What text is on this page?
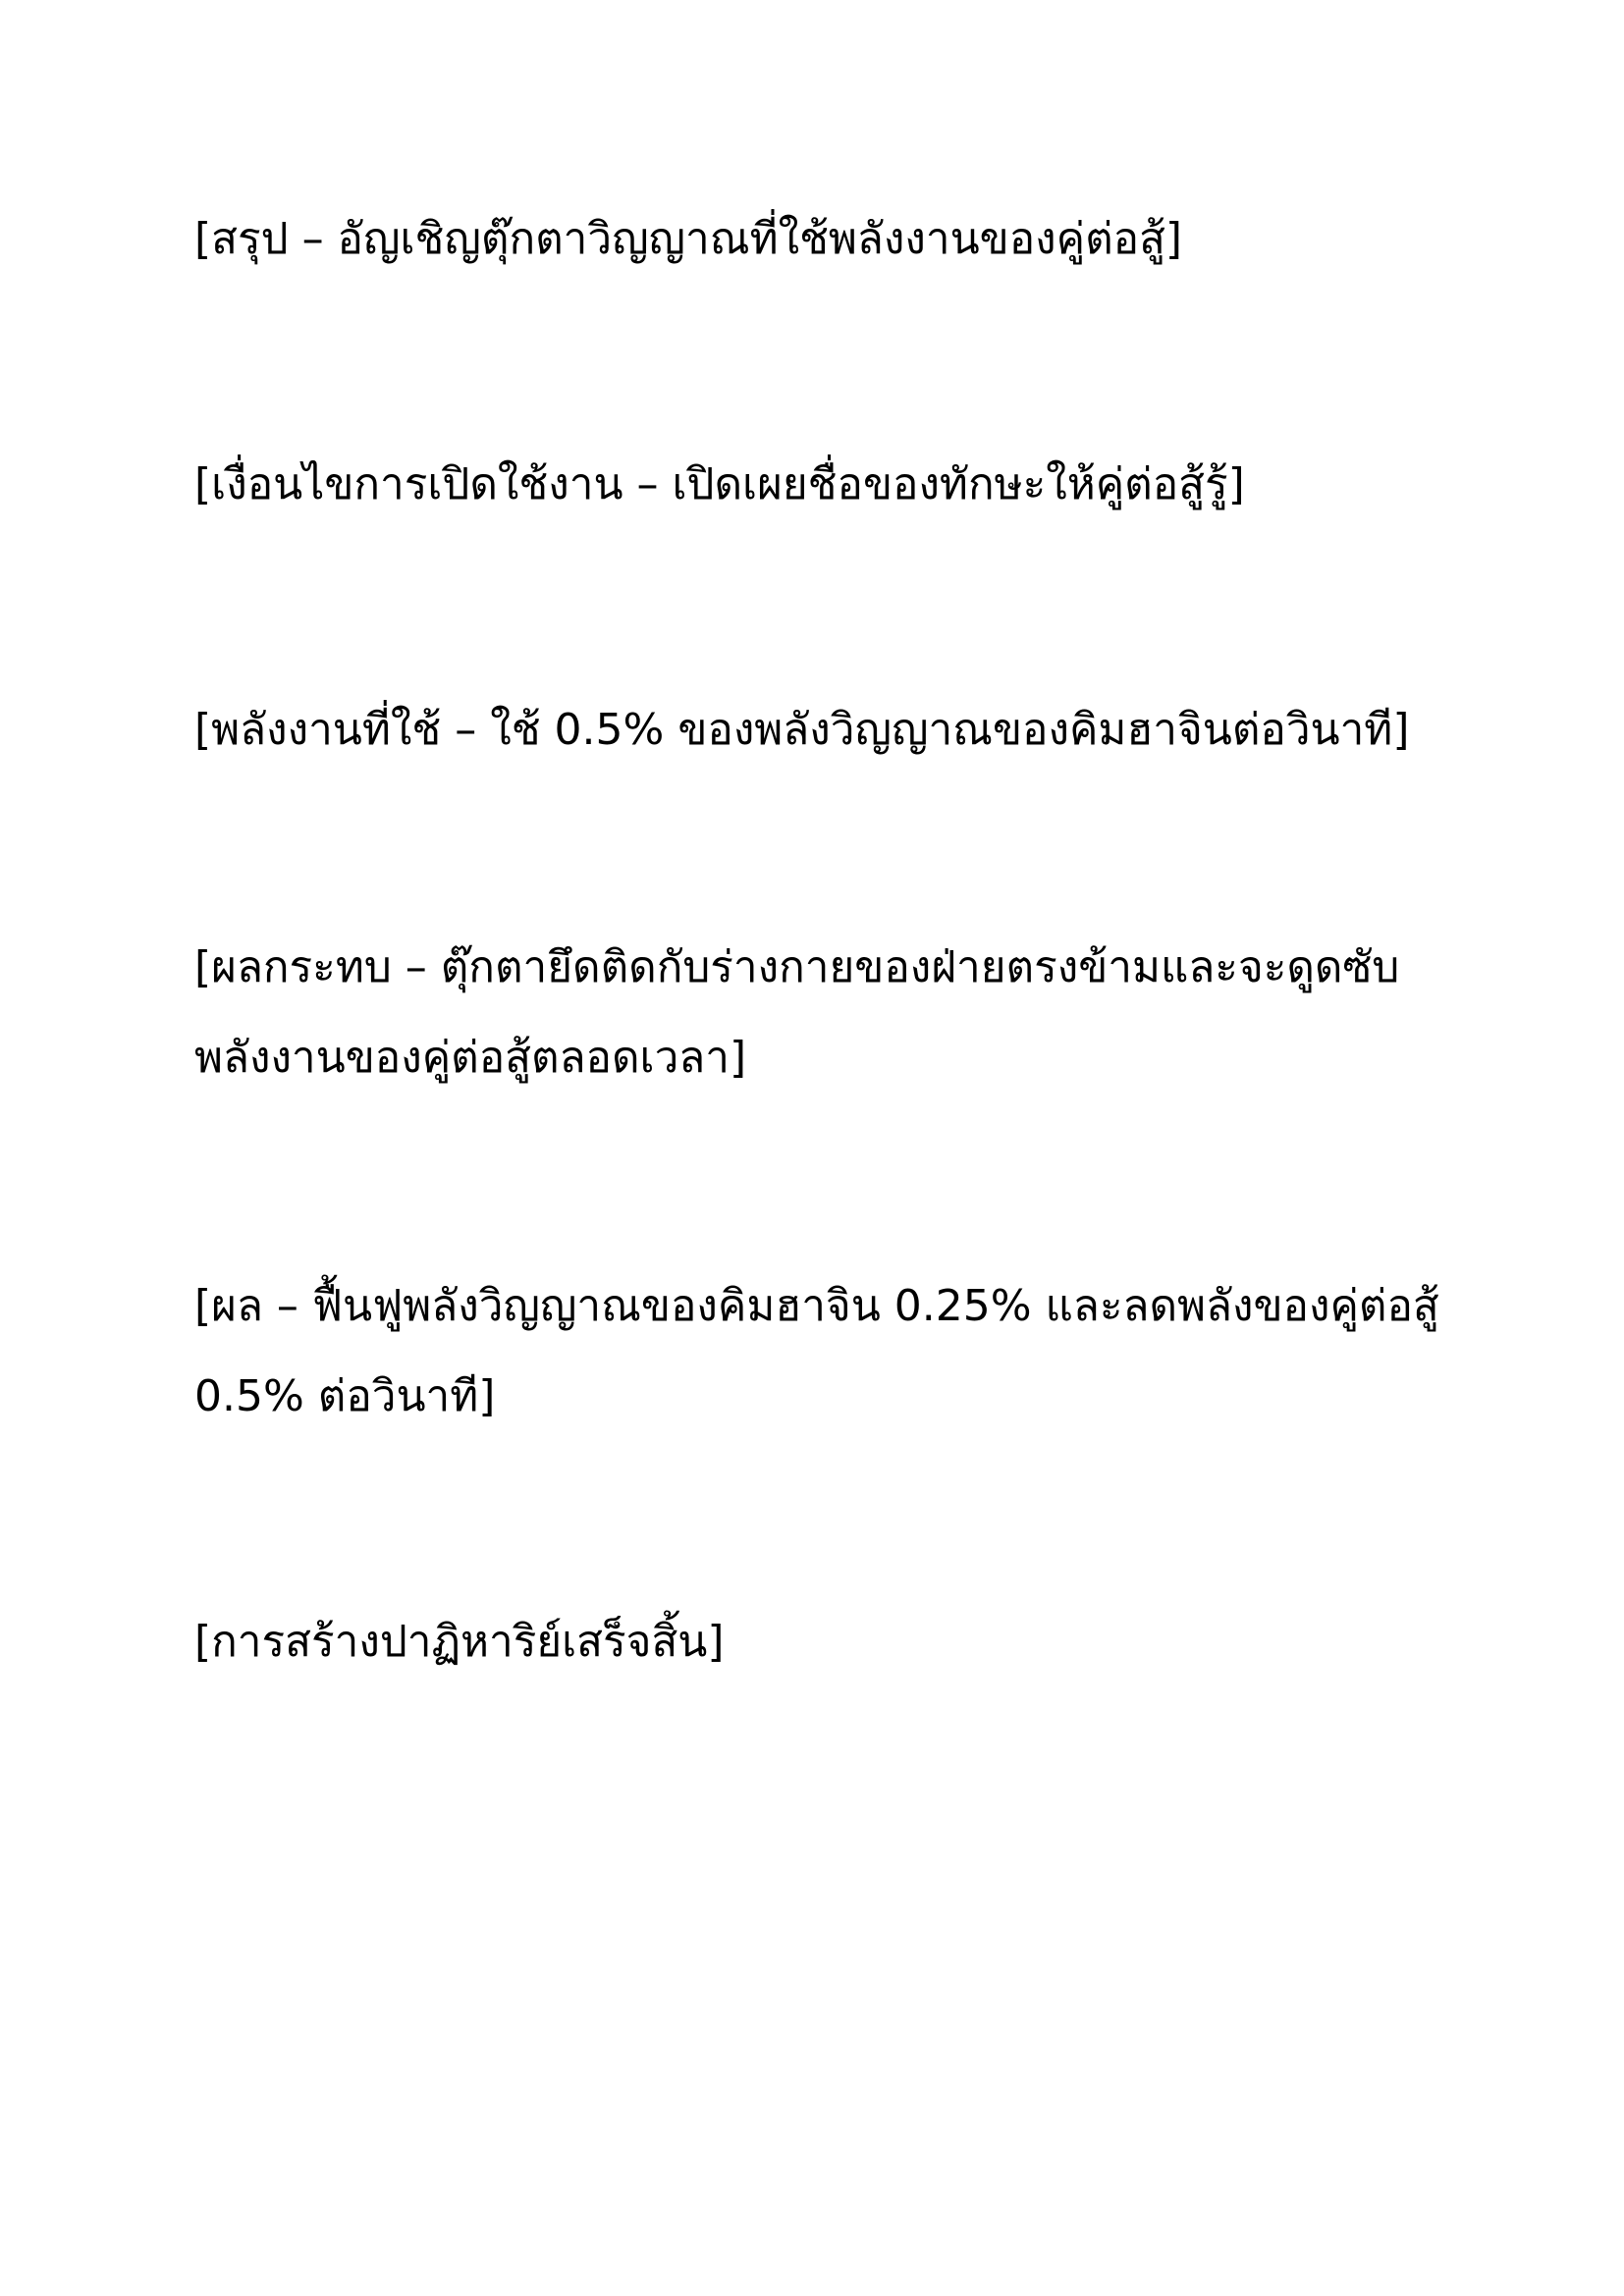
[สรุป – อัญเชิญตุ๊กตาวิญญาณที่ใช้พลังงานของคู่ต่อสู้]
[เงื่อนไขการเปิดใช้งาน – เปิดเผยชื่อของทักษะให้คู่ต่อสู้รู้]
[พลังงานที่ใช้ – ใช้ 0.5% ของพลังวิญญาณของคิมฮาจินต่อวินาที]
[ผลกระทบ – ตุ๊กตายึดติดกับร่างกายของฝ่ายตรงข้ามและจะดูดซับ
พลังงานของคู่ต่อสู้ตลอดเวลา]
[ผล – ฟื้นฟูพลังวิญญาณของคิมฮาจิน 0.25% และลดพลังของคู่ต่อสู้
0.5% ต่อวินาที]
[การสร้างปาฏิหาริย์เสร็จสิ้น]
